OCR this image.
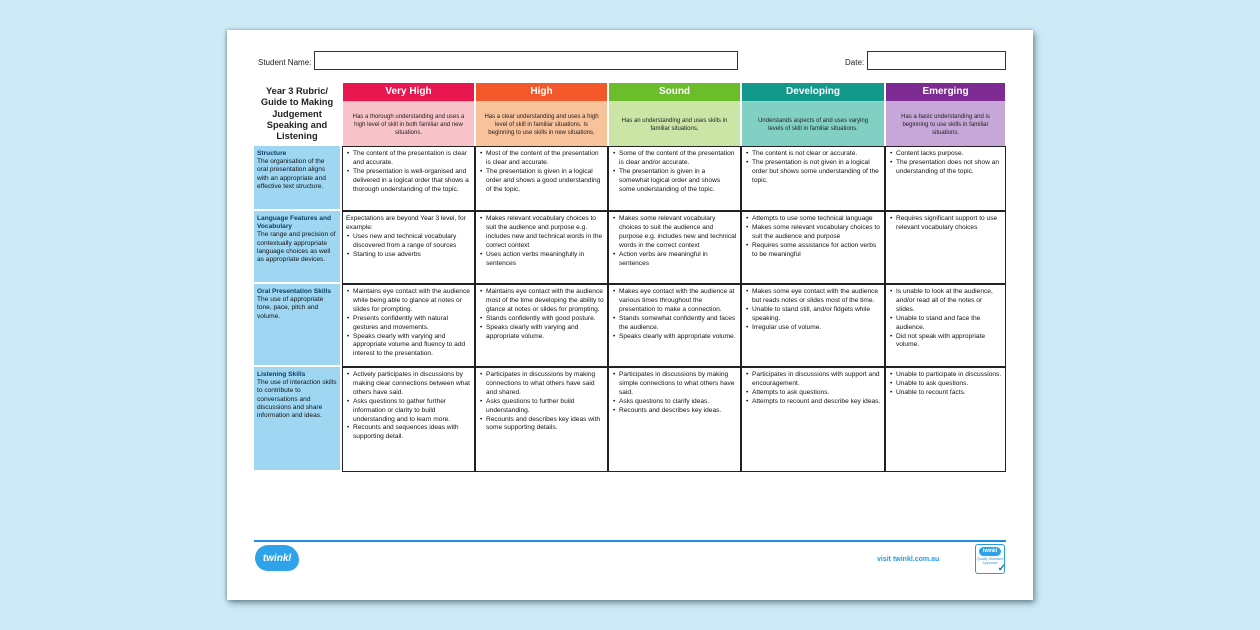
Student Name:	Date:
Year 3 Rubric/ Guide to Making Judgement Speaking and Listening
Very High
Has a thorough understanding and uses a high level of skill in both familiar and new situations.
High
Has a clear understanding and uses a high level of skill in familiar situations. Is beginning to use skills in new situations.
Sound
Has an understanding and uses skills in familiar situations.
Developing
Understands aspects of and uses varying levels of skill in familiar situations.
Emerging
Has a basic understanding and is beginning to use skills in familiar situations.
Structure
The organisation of the oral presentation aligns with an appropriate and effective text structure.
• The content of the presentation is clear and accurate.
• The presentation is well-organised and delivered in a logical order that shows a thorough understanding of the topic.
• Most of the content of the presentation is clear and accurate.
• The presentation is given in a logical order and shows a good understanding of the topic.
• Some of the content of the presentation is clear and/or accurate.
• The presentation is given in a somewhat logical order and shows some understanding of the topic.
• The content is not clear or accurate.
• The presentation is not given in a logical order but shows some understanding of the topic.
• Content lacks purpose.
• The presentation does not show an understanding of the topic.
Language Features and Vocabulary
The range and precision of contextually appropriate language choices as well as appropriate devices.

Expectations are beyond Year 3 level, for example:

• Uses new and technical vocabulary discovered from a range of sources
• Starting to use adverbs
• Makes relevant vocabulary choices to suit the audience and purpose e.g. includes new and technical words in the correct context
• Uses action verbs meaningfully in sentences
• Makes some relevant vocabulary choices to suit the audience and purpose e.g. includes new and technical words in the correct context
• Action verbs are meaningful in sentences
• Attempts to use some technical language
• Makes some relevant vocabulary choices to suit the audience and purpose
• Requires some assistance for action verbs to be meaningful
• Requires significant support to use relevant vocabulary choices
Oral Presentation Skills
The use of appropriate tone, pace, pitch and volume.
• Maintains eye contact with the audience while being able to glance at notes or slides for prompting.
• Presents confidently with natural gestures and movements.
• Speaks clearly with varying and appropriate volume and fluency to add interest to the presentation.
• Maintains eye contact with the audience most of the time developing the ability to glance at notes or slides for prompting.
• Stands confidently with good posture.
• Speaks clearly with varying and appropriate volume.
• Makes eye contact with the audience at various times throughout the presentation to make a connection.
• Stands somewhat confidently and faces the audience.
• Speaks clearly with appropriate volume.
• Makes some eye contact with the audience but reads notes or slides most of the time.
• Unable to stand still, and/or fidgets while speaking.
• Irregular use of volume.
• Is unable to look at the audience, and/or read all of the notes or slides.
• Unable to stand and face the audience.
• Did not speak with appropriate volume.
Listening Skills
The use of interaction skills to contribute to conversations and discussions and share information and ideas.
• Actively participates in discussions by making clear connections between what others have said.
• Asks questions to gather further information or clarity to build understanding and to learn more.
• Recounts and sequences ideas with supporting detail.
• Participates in discussions by making connections to what others have said and shared.
• Asks questions to further build understanding.
• Recounts and describes key ideas with some supporting details.
• Participates in discussions by making simple connections to what others have said.
• Asks questions to clarify ideas.
• Recounts and describes key ideas.
• Participates in discussions with support and encouragement.
• Attempts to ask questions.
• Attempts to recount and describe key ideas.
• Unable to participate in discussions.
• Unable to ask questions.
• Unable to recount facts.
twinkl	visit twinkl.com.au
twinkl
Quality Standard Approved ✓
